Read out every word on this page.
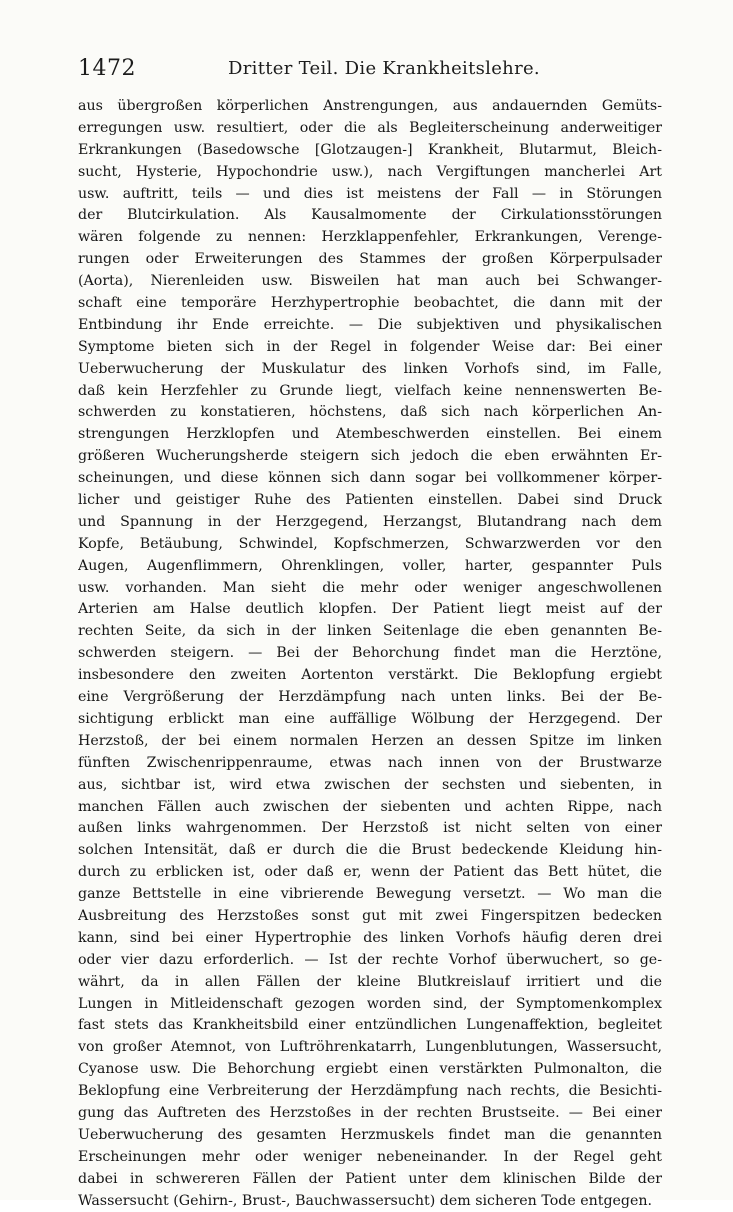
1472	Dritter Teil. Die Krankheitslehre.
aus übergroßen körperlichen Anstrengungen, aus andauernden Gemüts-
erregungen usw. resultiert, oder die als Begleiterscheinung anderweitiger
Erkrankungen (Basedowsche [Glotzaugen-] Krankheit, Blutarmut, Bleich-
sucht, Hysterie, Hypochondrie usw.), nach Vergiftungen mancherlei Art
usw. auftritt, teils — und dies ist meistens der Fall — in Störungen
der Blutcirkulation. Als Kausalmomente der Cirkulationsstörungen
wären folgende zu nennen: Herzklappenfehler, Erkrankungen, Verenge-
rungen oder Erweiterungen des Stammes der großen Körperpulsader
(Aorta), Nierenleiden usw. Bisweilen hat man auch bei Schwanger-
schaft eine temporäre Herzhypertrophie beobachtet, die dann mit der
Entbindung ihr Ende erreichte. — Die subjektiven und physikalischen
Symptome bieten sich in der Regel in folgender Weise dar: Bei einer
Ueberwucherung der Muskulatur des linken Vorhofs sind, im Falle,
daß kein Herzfehler zu Grunde liegt, vielfach keine nennenswerten Be-
schwerden zu konstatieren, höchstens, daß sich nach körperlichen An-
strengungen Herzklopfen und Atembeschwerden einstellen. Bei einem
größeren Wucherungsherde steigern sich jedoch die eben erwähnten Er-
scheinungen, und diese können sich dann sogar bei vollkommener körper-
licher und geistiger Ruhe des Patienten einstellen. Dabei sind Druck
und Spannung in der Herzgegend, Herzangst, Blutandrang nach dem
Kopfe, Betäubung, Schwindel, Kopfschmerzen, Schwarzwerden vor den
Augen, Augenflimmern, Ohrenklingen, voller, harter, gespannter Puls
usw. vorhanden. Man sieht die mehr oder weniger angeschwollenen
Arterien am Halse deutlich klopfen. Der Patient liegt meist auf der
rechten Seite, da sich in der linken Seitenlage die eben genannten Be-
schwerden steigern. — Bei der Behorchung findet man die Herztöne,
insbesondere den zweiten Aortenton verstärkt. Die Beklopfung ergiebt
eine Vergrößerung der Herzdämpfung nach unten links. Bei der Be-
sichtigung erblickt man eine auffällige Wölbung der Herzgegend. Der
Herzstoß, der bei einem normalen Herzen an dessen Spitze im linken
fünften Zwischenrippenraume, etwas nach innen von der Brustwarze
aus, sichtbar ist, wird etwa zwischen der sechsten und siebenten, in
manchen Fällen auch zwischen der siebenten und achten Rippe, nach
außen links wahrgenommen. Der Herzstoß ist nicht selten von einer
solchen Intensität, daß er durch die die Brust bedeckende Kleidung hin-
durch zu erblicken ist, oder daß er, wenn der Patient das Bett hütet, die
ganze Bettstelle in eine vibrierende Bewegung versetzt. — Wo man die
Ausbreitung des Herzstoßes sonst gut mit zwei Fingerspitzen bedecken
kann, sind bei einer Hypertrophie des linken Vorhofs häufig deren drei
oder vier dazu erforderlich. — Ist der rechte Vorhof überwuchert, so ge-
währt, da in allen Fällen der kleine Blutkreislauf irritiert und die
Lungen in Mitleidenschaft gezogen worden sind, der Symptomenkomplex
fast stets das Krankheitsbild einer entzündlichen Lungenaffektion, begleitet
von großer Atemnot, von Luftröhrenkatarrh, Lungenblutungen, Wassersucht,
Cyanose usw. Die Behorchung ergiebt einen verstärkten Pulmonalton, die
Beklopfung eine Verbreiterung der Herzdämpfung nach rechts, die Besichti-
gung das Auftreten des Herzstoßes in der rechten Brustseite. — Bei einer
Ueberwucherung des gesamten Herzmuskels findet man die genannten
Erscheinungen mehr oder weniger nebeneinander. In der Regel geht
dabei in schwereren Fällen der Patient unter dem klinischen Bilde der
Wassersucht (Gehirn-, Brust-, Bauchwassersucht) dem sicheren Tode entgegen.
